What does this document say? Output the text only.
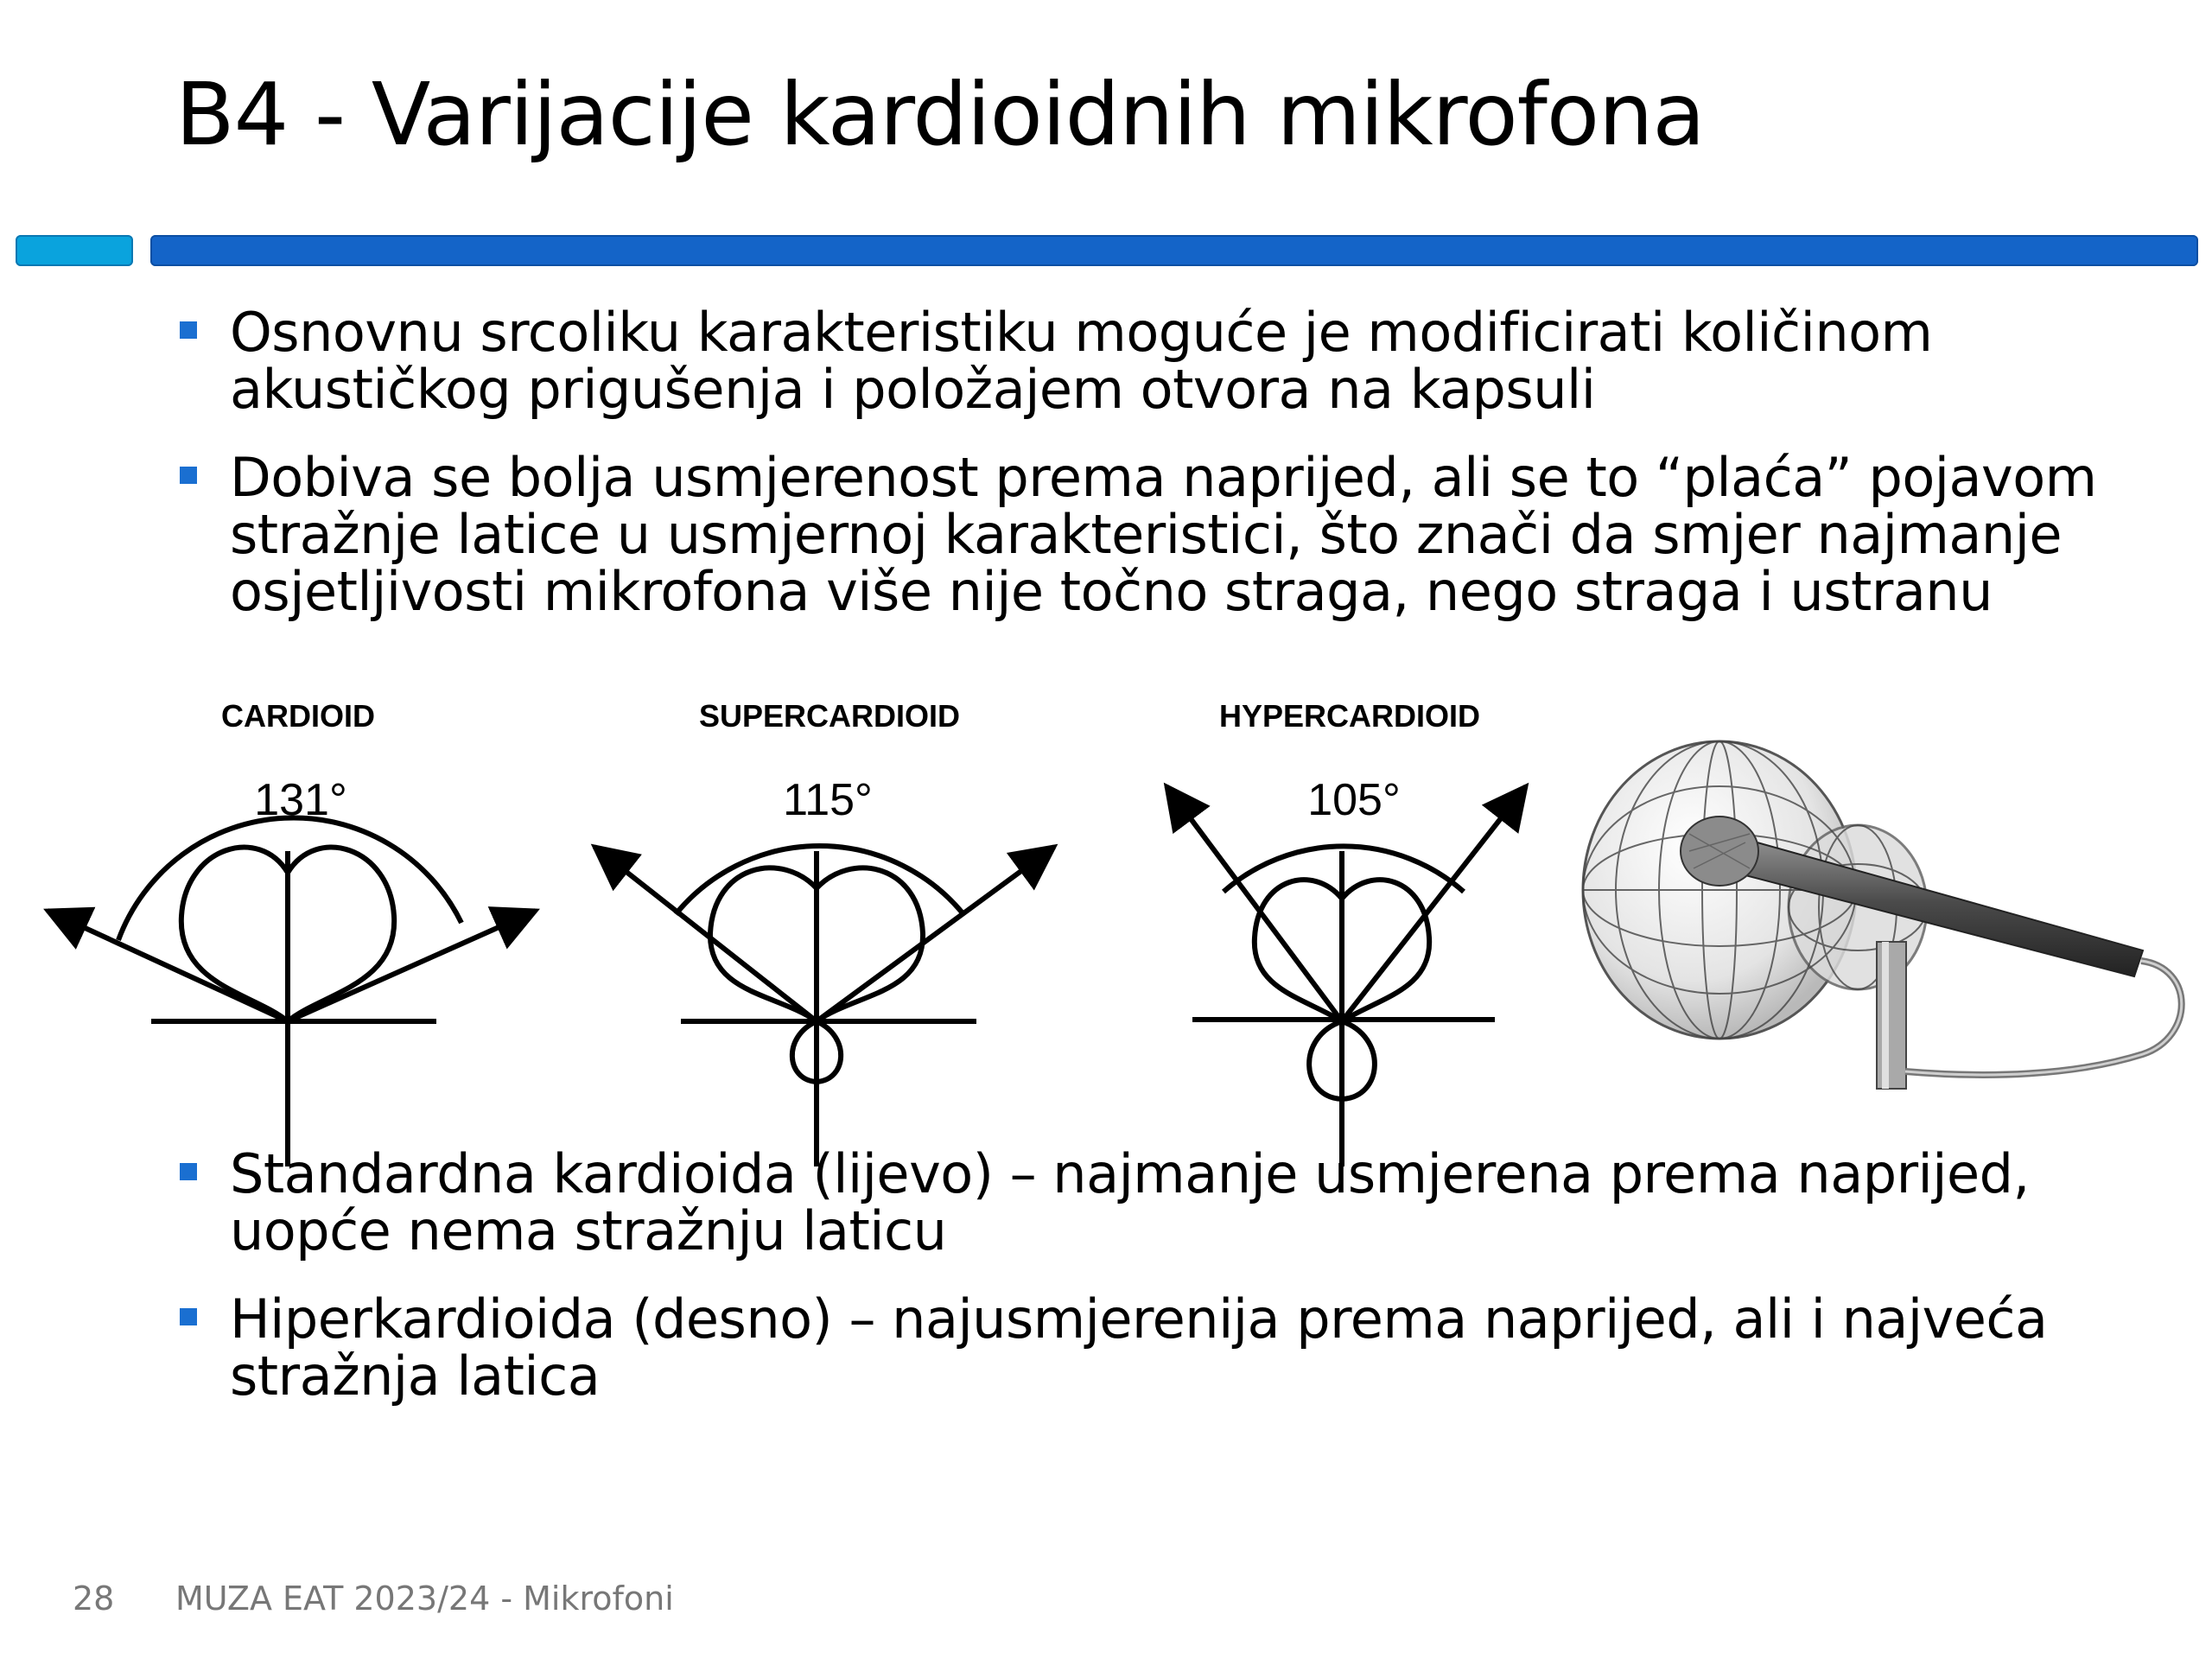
B4 - Varijacije kardioidnih mikrofona
Osnovnu srcoliku karakteristiku moguće je modificirati količinom akustičkog prigušenja i položajem otvora na kapsuli
Dobiva se bolja usmjerenost prema naprijed, ali se to “plaća” pojavom stražnje latice u usmjernoj karakteristici, što znači da smjer najmanje osjetljivosti mikrofona više nije točno straga, nego straga i ustranu
CARDIOID	SUPERCARDIOID	HYPERCARDIOID
131°	115°	105°
Standardna kardioida (lijevo) – najmanje usmjerena prema naprijed, uopće nema stražnju laticu
Hiperkardioida (desno) – najusmjerenija prema naprijed, ali i najveća stražnja latica
28 MUZA EAT 2023/24 - Mikrofoni
